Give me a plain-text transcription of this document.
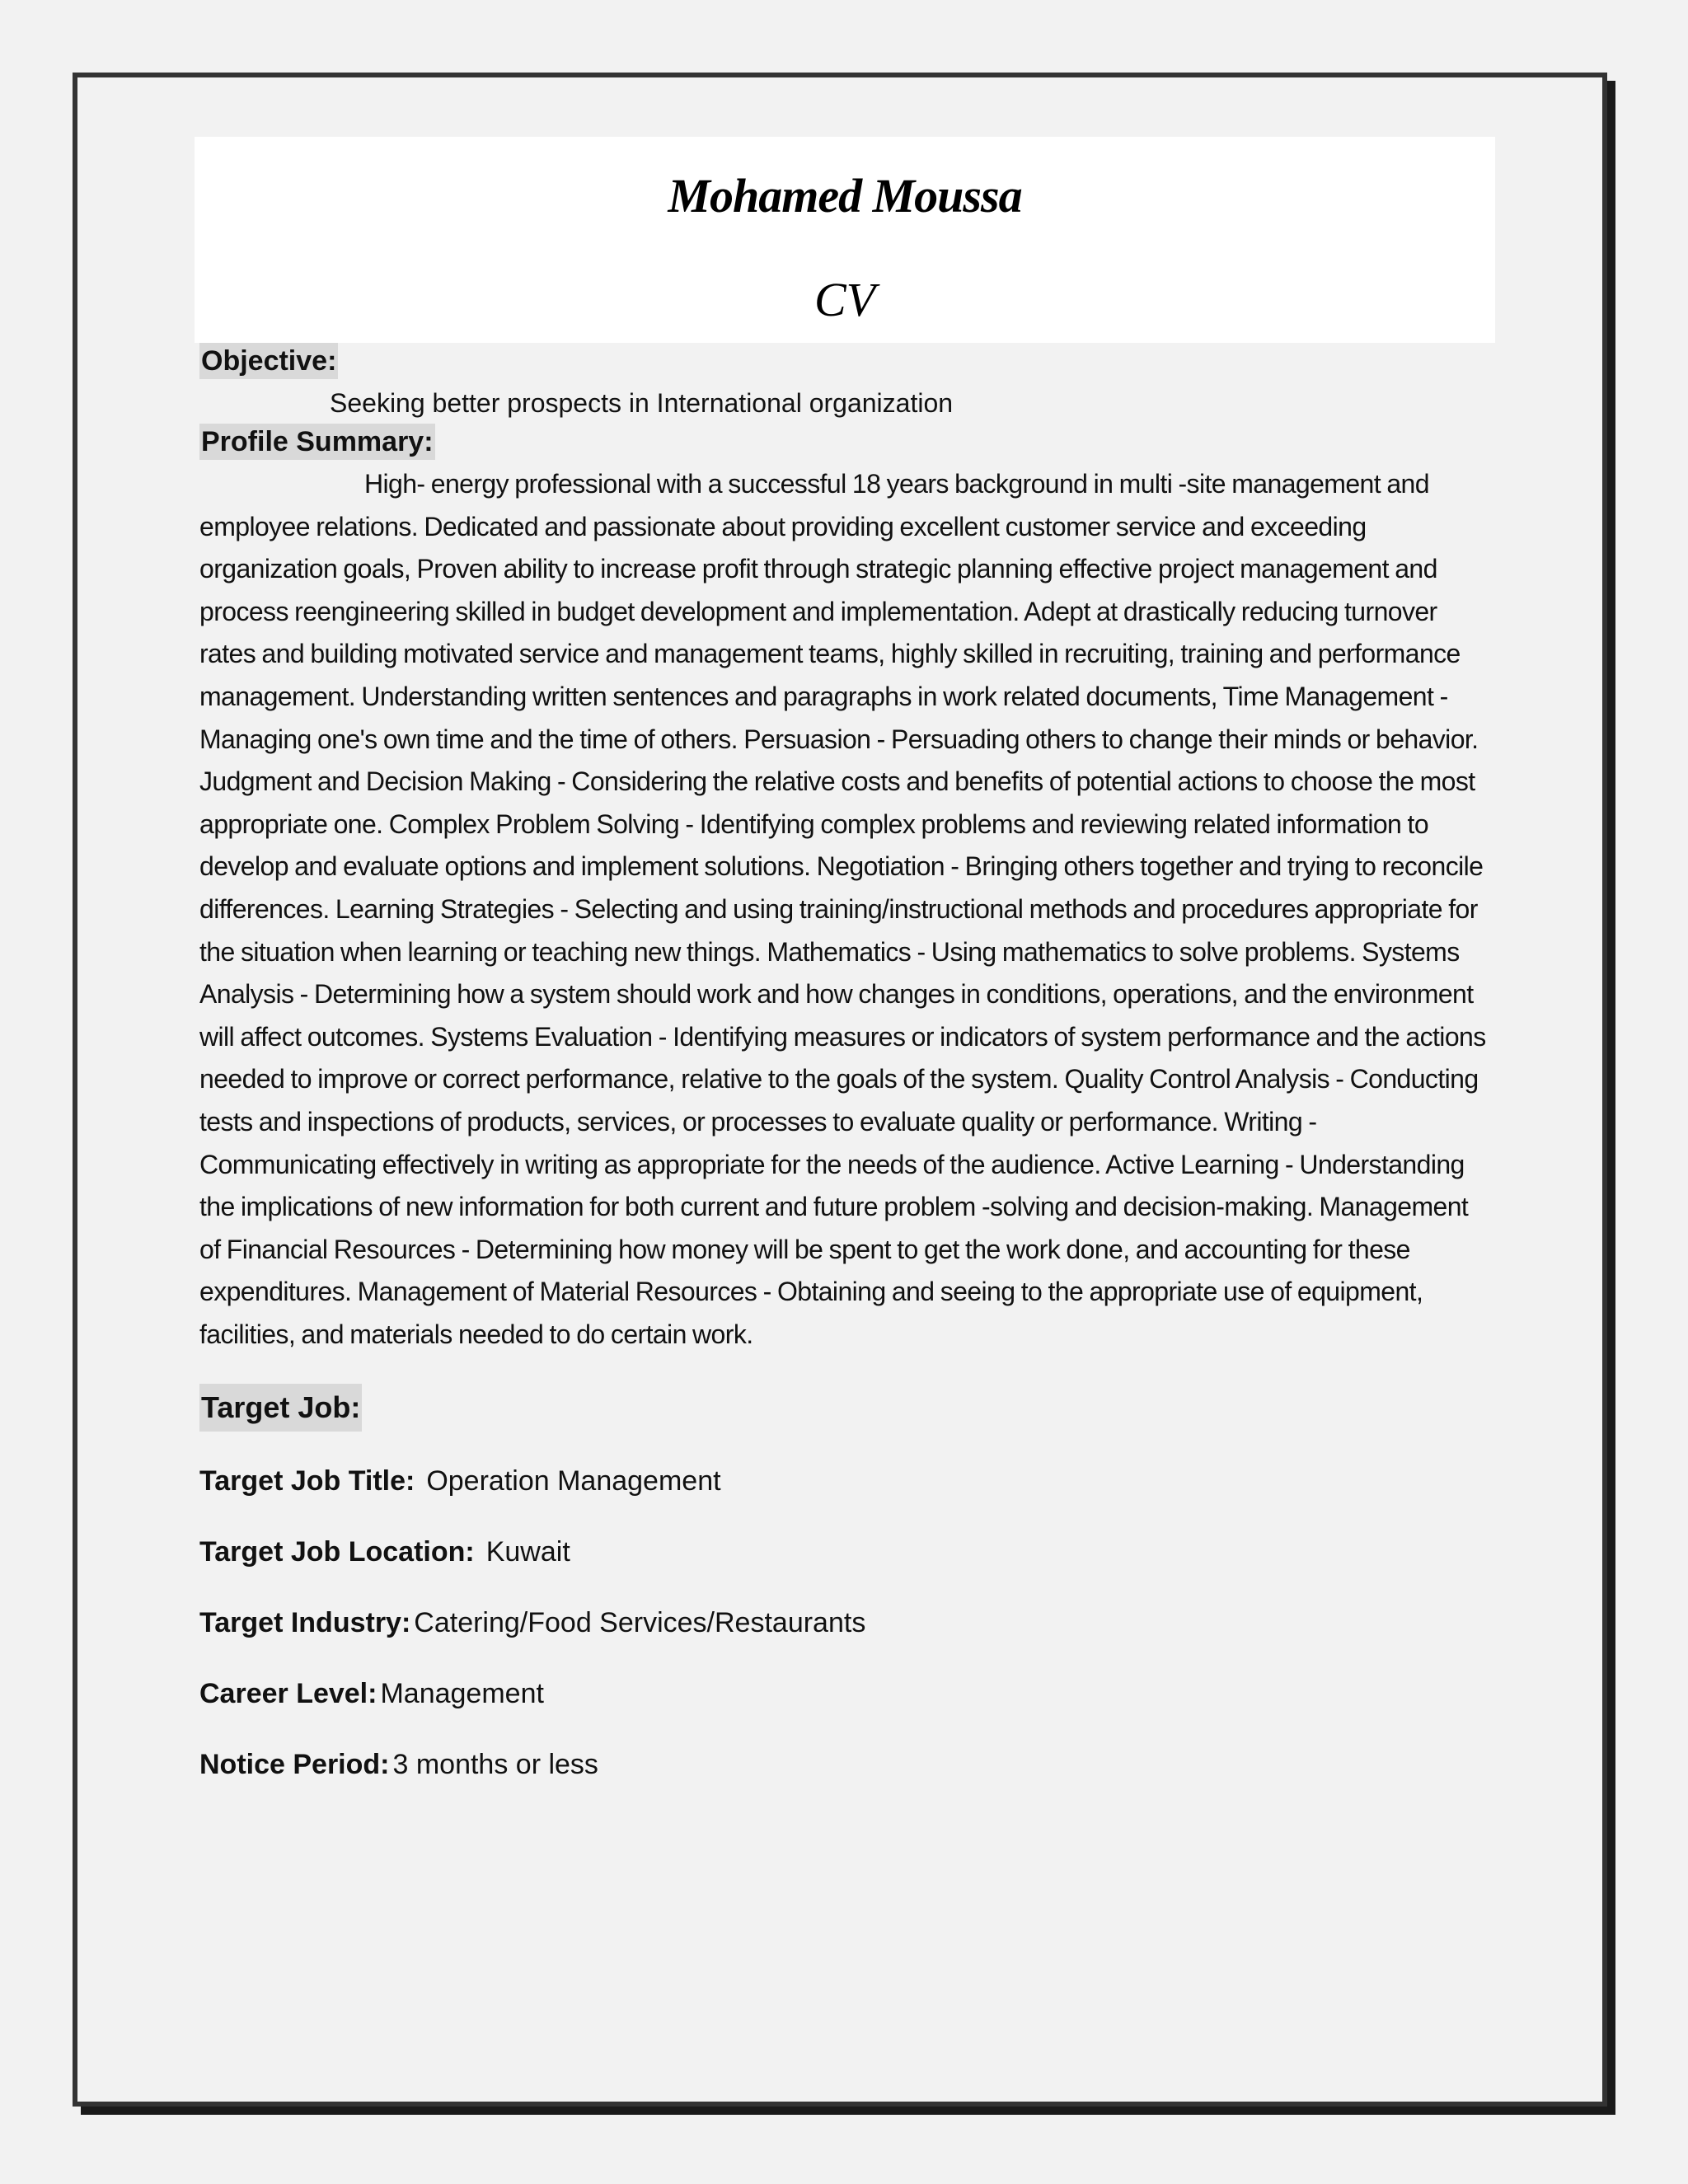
Mohamed Moussa
CV
Objective:
Seeking better prospects in International organization
Profile Summary:

High- energy professional with a successful 18 years background in multi -site management and employee relations. Dedicated and passionate about providing excellent customer service and exceeding organization goals, Proven ability to increase profit through strategic planning effective project management and process reengineering skilled in budget development and implementation. Adept at drastically reducing turnover rates and building motivated service and management teams, highly skilled in recruiting, training and performance management. Understanding written sentences and paragraphs in work related documents, Time Management - Managing one's own time and the time of others. Persuasion - Persuading others to change their minds or behavior. Judgment and Decision Making - Considering the relative costs and benefits of potential actions to choose the most appropriate one. Complex Problem Solving - Identifying complex problems and reviewing related information to develop and evaluate options and implement solutions. Negotiation - Bringing others together and trying to reconcile differences. Learning Strategies - Selecting and using training/instructional methods and procedures appropriate for the situation when learning or teaching new things. Mathematics - Using mathematics to solve problems. Systems Analysis - Determining how a system should work and how changes in conditions, operations, and the environment will affect outcomes. Systems Evaluation - Identifying measures or indicators of system performance and the actions needed to improve or correct performance, relative to the goals of the system. Quality Control Analysis - Conducting tests and inspections of products, services, or processes to evaluate quality or performance. Writing - Communicating effectively in writing as appropriate for the needs of the audience. Active Learning - Understanding the implications of new information for both current and future problem -solving and decision-making. Management of Financial Resources - Determining how money will be spent to get the work done, and accounting for these expenditures. Management of Material Resources - Obtaining and seeing to the appropriate use of equipment, facilities, and materials needed to do certain work.

Target Job:
Target Job Title: Operation Management
Target Job Location: Kuwait
Target Industry: Catering/Food Services/Restaurants
Career Level: Management
Notice Period: 3 months or less
